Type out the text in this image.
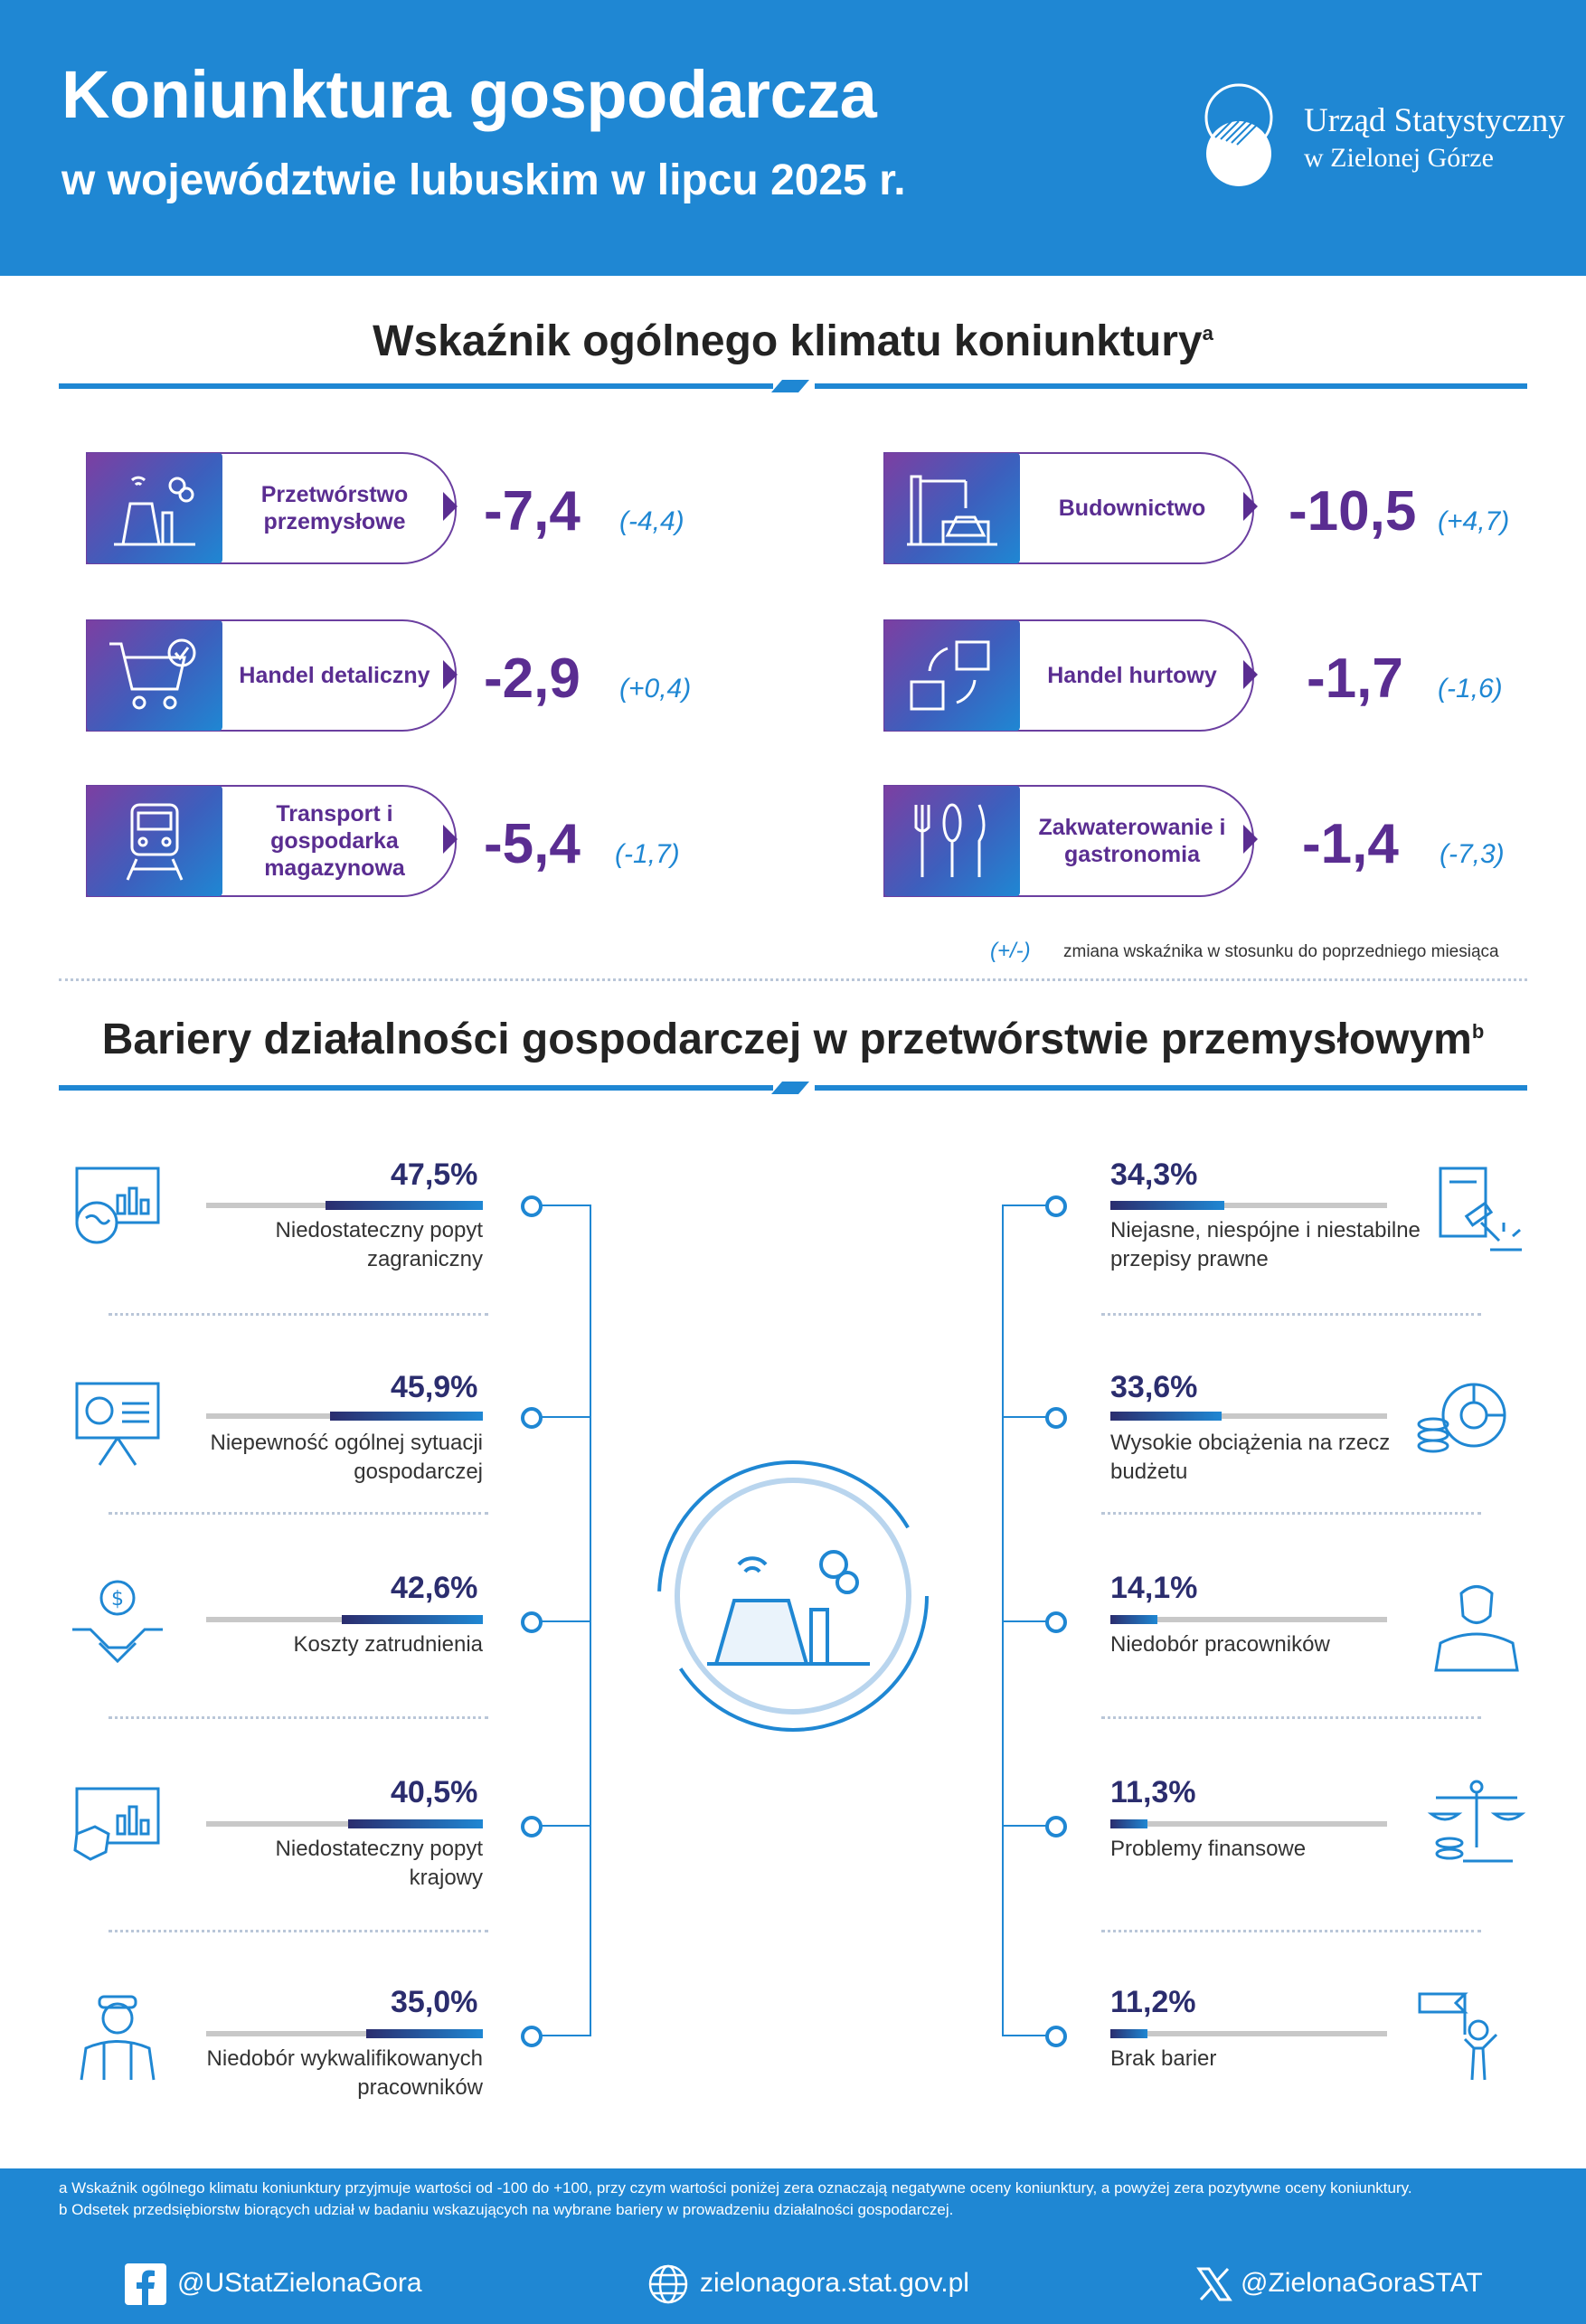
Koniunktura gospodarcza
w województwie lubuskim w lipcu 2025 r.
Urząd Statystyczny
w Zielonej Górze
Wskaźnik ogólnego klimatu koniunktury$^a$
Przetwórstwo przemysłowe	-7,4 (-4,4)	Budownictwo	-10,5 (+4,7)
Handel detaliczny -2,9 (+0,4)	Handel hurtowy	-1,7 (-1,6)
Transport i gospodarka magazynowa	-5,4 (-1,7)
Zakwaterowanie i gastronomia	-1,4 (-7,3)
(+/-) zmiana wskaźnika w stosunku do poprzedniego miesiąca
Bariery działalności gospodarczej w przetwórstwie przemysłowym$^b$
47,5%
Niedostateczny popyt zagraniczny
45,9%
Niepewność ogólnej sytuacji gospodarczej
$	42,6%
Koszty zatrudnienia
40,5%
Niedostateczny popyt krajowy
35,0%
Niedobór wykwalifikowanych pracowników
34,3%
Niejasne, niespójne i niestabilne przepisy prawne
33,6%
Wysokie obciążenia na rzecz budżetu
14,1%
Niedobór pracowników
11,3%
Problemy finansowe
11,2%
Brak barier
a Wskaźnik ogólnego klimatu koniunktury przyjmuje wartości od -100 do +100, przy czym wartości poniżej zera oznaczają negatywne oceny koniunktury, a powyżej zera pozytywne oceny koniunktury.
b Odsetek przedsiębiorstw biorących udział w badaniu wskazujących na wybrane bariery w prowadzeniu działalności gospodarczej.
@UStatZielonaGora	zielonagora.stat.gov.pl	@ZielonaGoraSTAT
